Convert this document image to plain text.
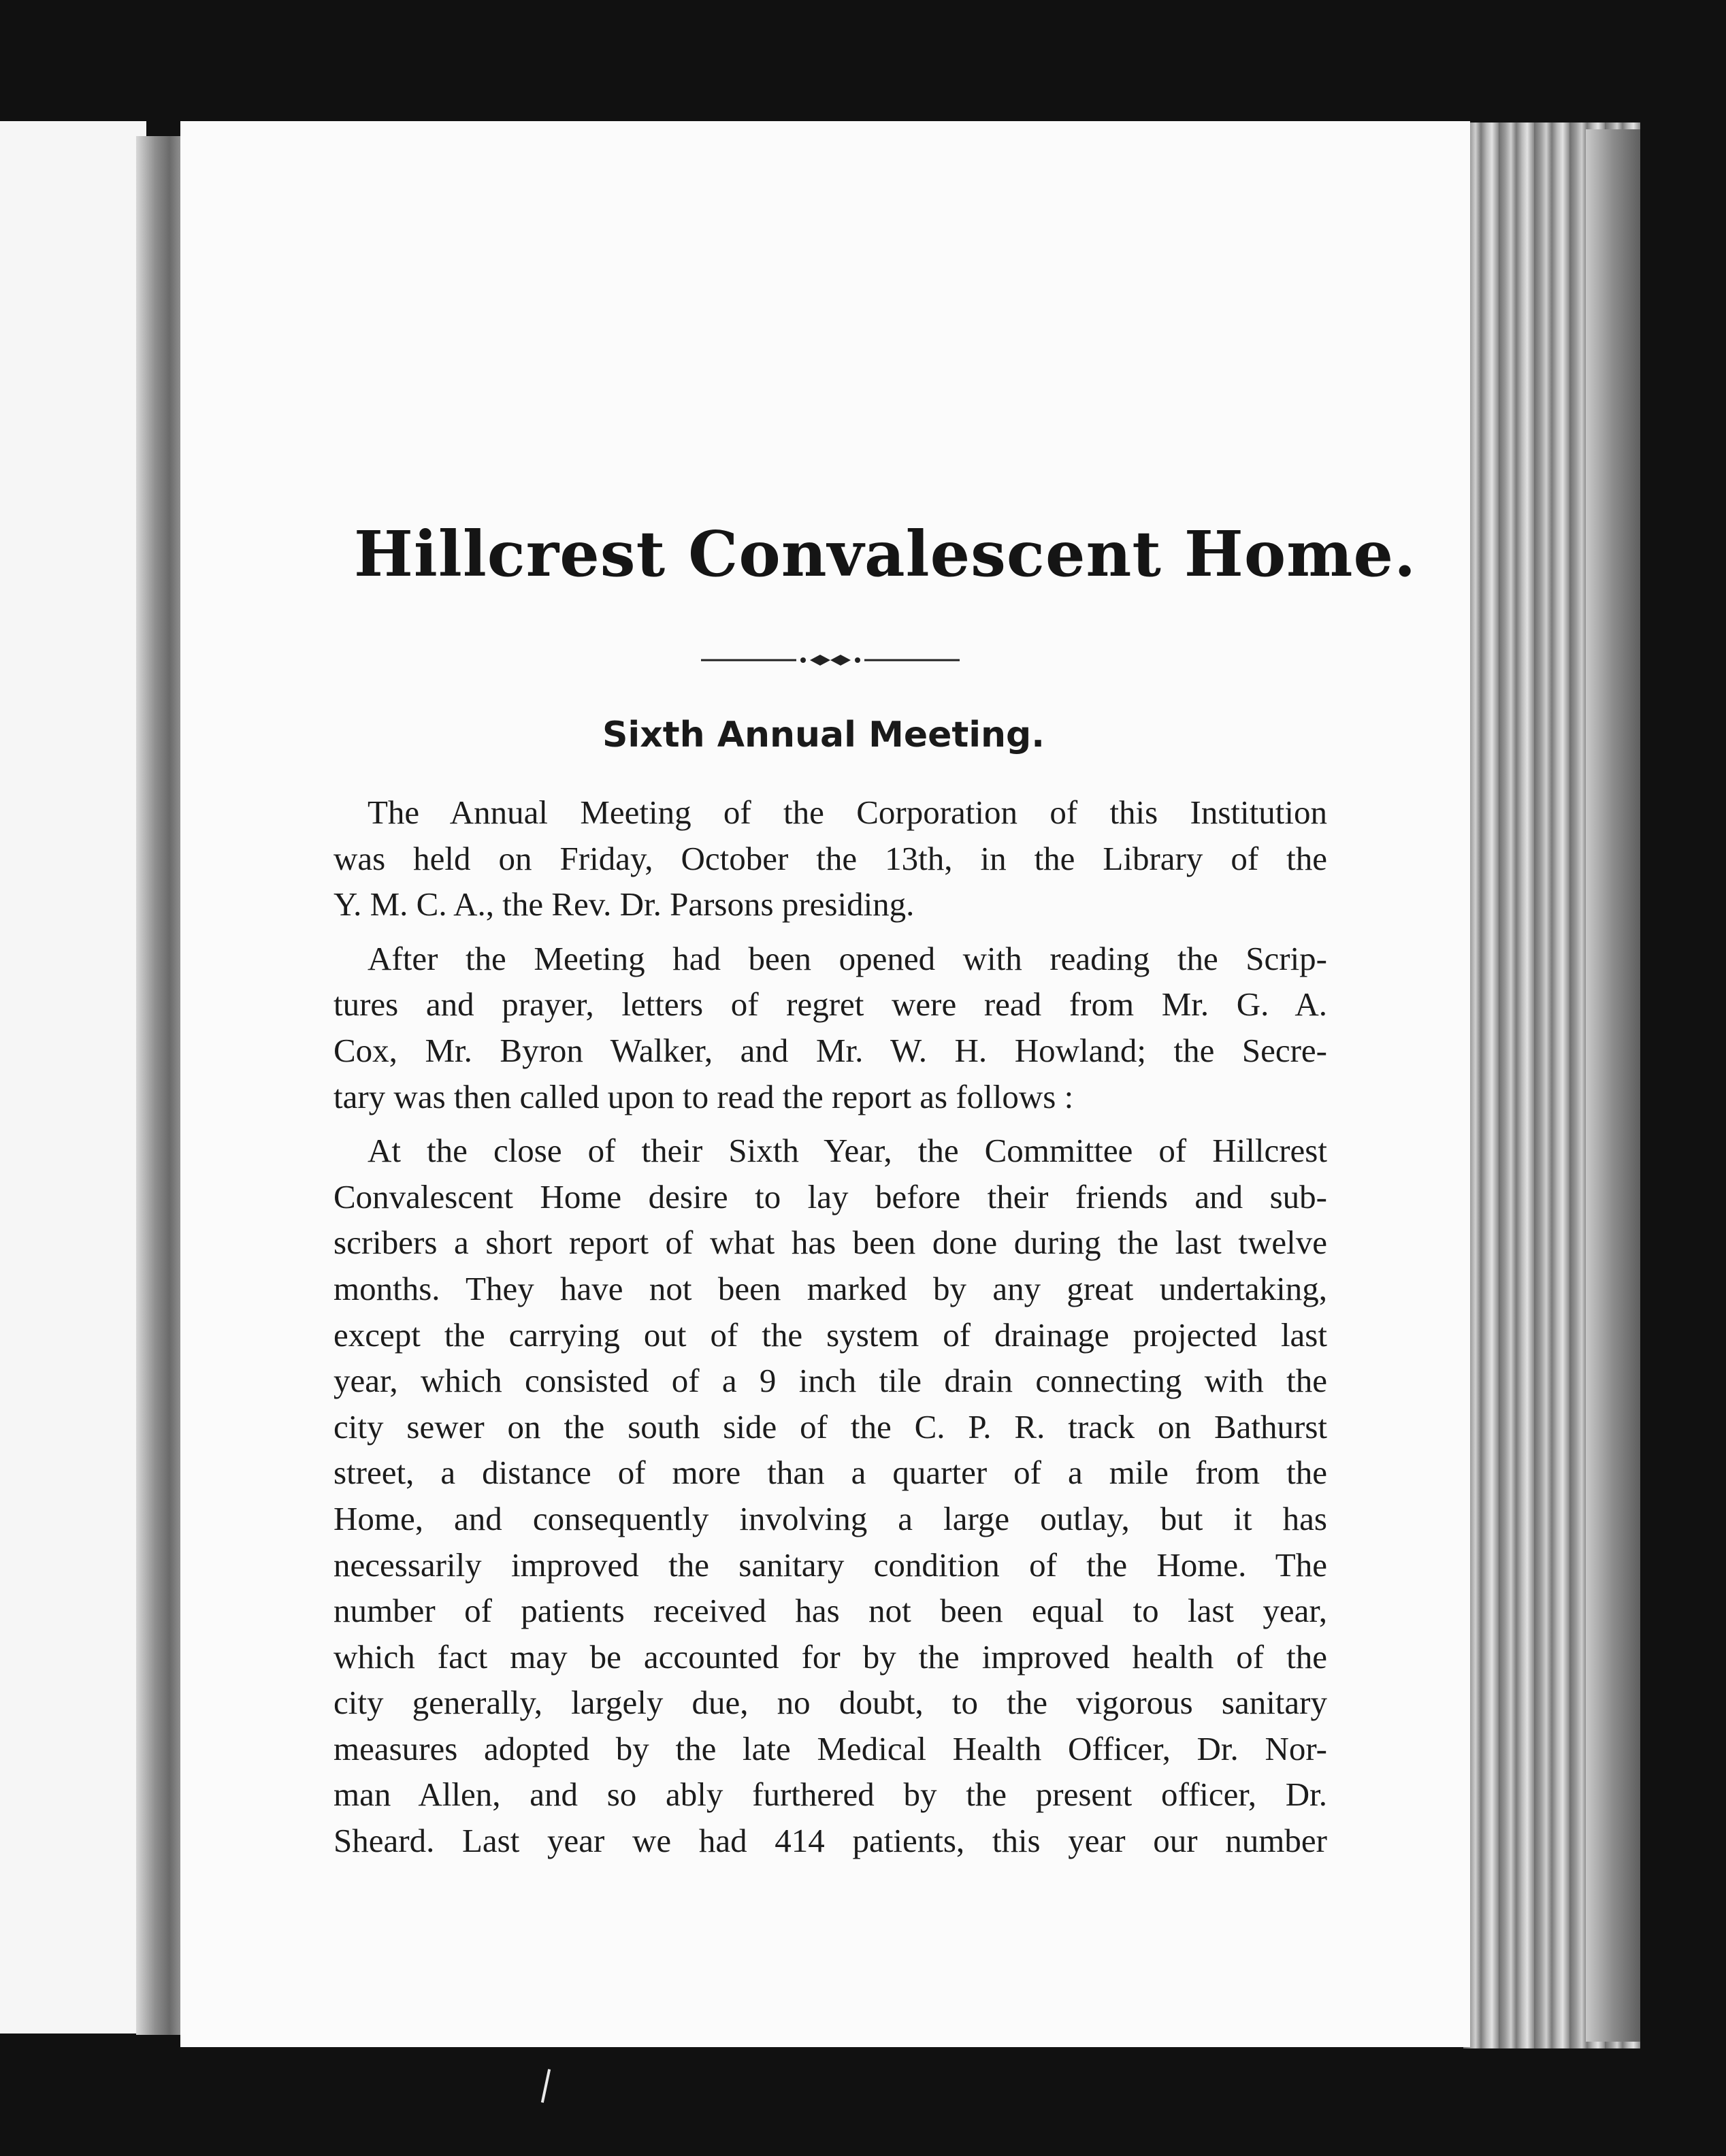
Hillcrest Convalescent Home.
Sixth Annual Meeting.
The Annual Meeting of the Corporation of this Institution
was held on Friday, October the 13th, in the Library of the
Y. M. C. A., the Rev. Dr. Parsons presiding.
After the Meeting had been opened with reading the Scrip-
tures and prayer, letters of regret were read from Mr. G. A.
Cox, Mr. Byron Walker, and Mr. W. H. Howland; the Secre-
tary was then called upon to read the report as follows :
At the close of their Sixth Year, the Committee of Hillcrest
Convalescent Home desire to lay before their friends and sub-
scribers a short report of what has been done during the last twelve
months. They have not been marked by any great undertaking,
except the carrying out of the system of drainage projected last
year, which consisted of a 9 inch tile drain connecting with the
city sewer on the south side of the C. P. R. track on Bathurst
street, a distance of more than a quarter of a mile from the
Home, and consequently involving a large outlay, but it has
necessarily improved the sanitary condition of the Home. The
number of patients received has not been equal to last year,
which fact may be accounted for by the improved health of the
city generally, largely due, no doubt, to the vigorous sanitary
measures adopted by the late Medical Health Officer, Dr. Nor-
man Allen, and so ably furthered by the present officer, Dr.
Sheard. Last year we had 414 patients, this year our number
